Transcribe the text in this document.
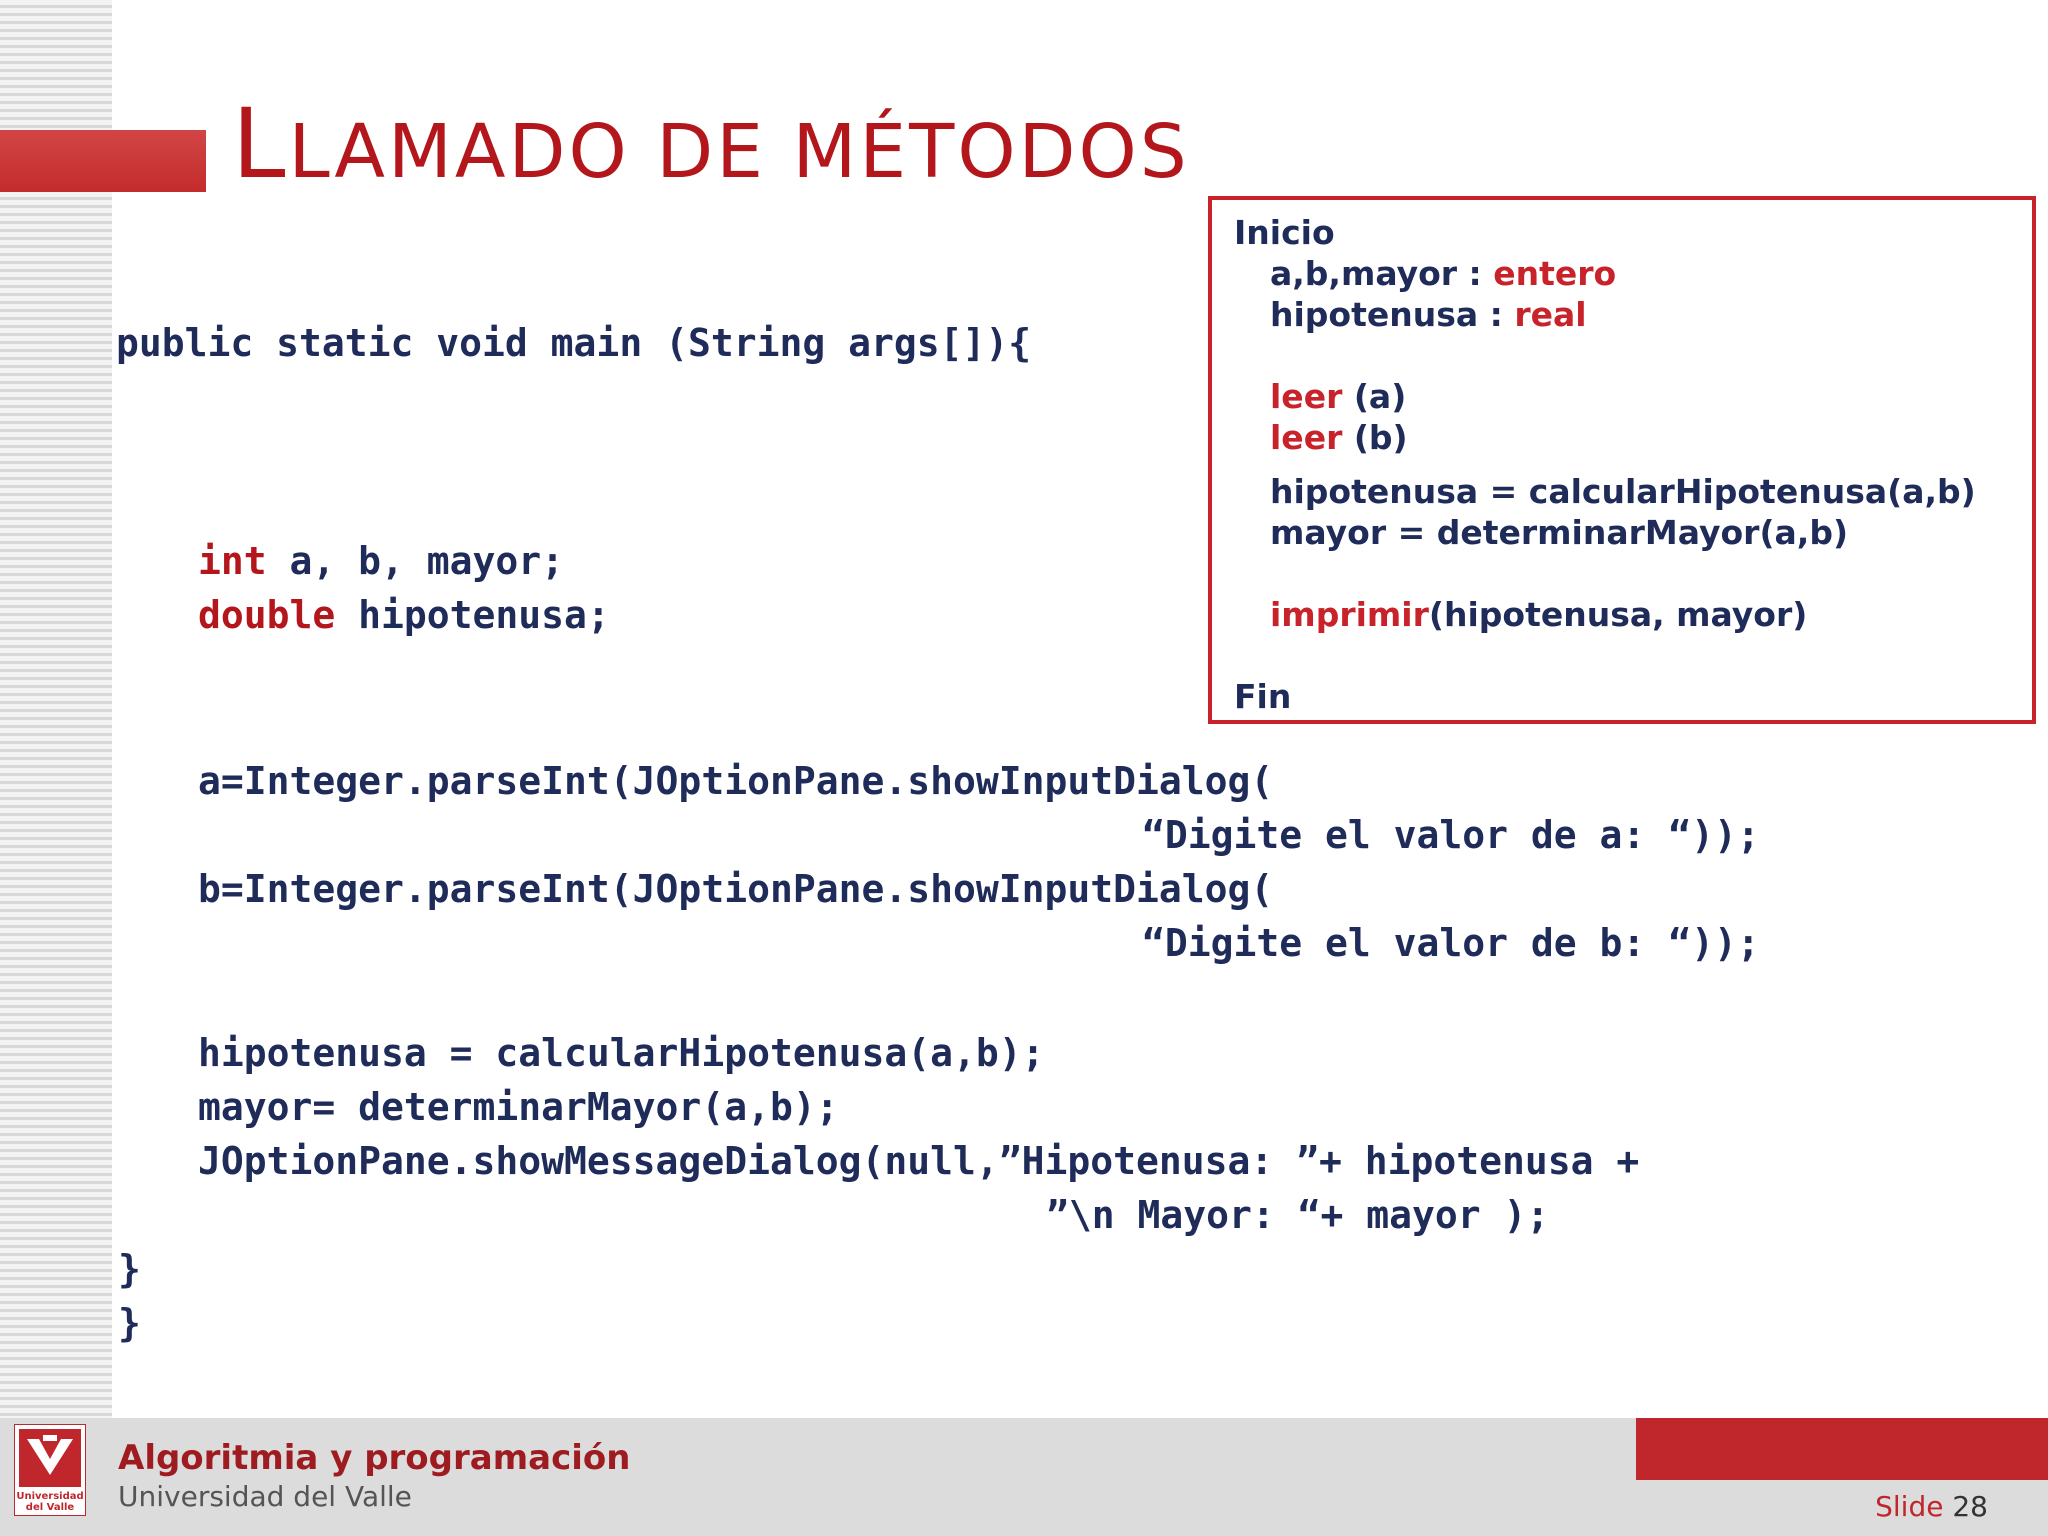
LLAMADO DE MÉTODOS
public static void main (String args[]){
int a, b, mayor;
double hipotenusa;
a=Integer.parseInt(JOptionPane.showInputDialog(
“Digite el valor de a: “));
b=Integer.parseInt(JOptionPane.showInputDialog(
“Digite el valor de b: “));
hipotenusa = calcularHipotenusa(a,b);
mayor= determinarMayor(a,b);
JOptionPane.showMessageDialog(null,”Hipotenusa: ”+ hipotenusa +
”\n Mayor: “+ mayor );
}
}
Inicio
a,b,mayor : entero
hipotenusa : real
leer (a)
leer (b)
hipotenusa = calcularHipotenusa(a,b)
mayor = determinarMayor(a,b)
imprimir(hipotenusa, mayor)
Fin
Universidad
del Valle
Algoritmia y programación
Universidad del Valle	Slide 28
